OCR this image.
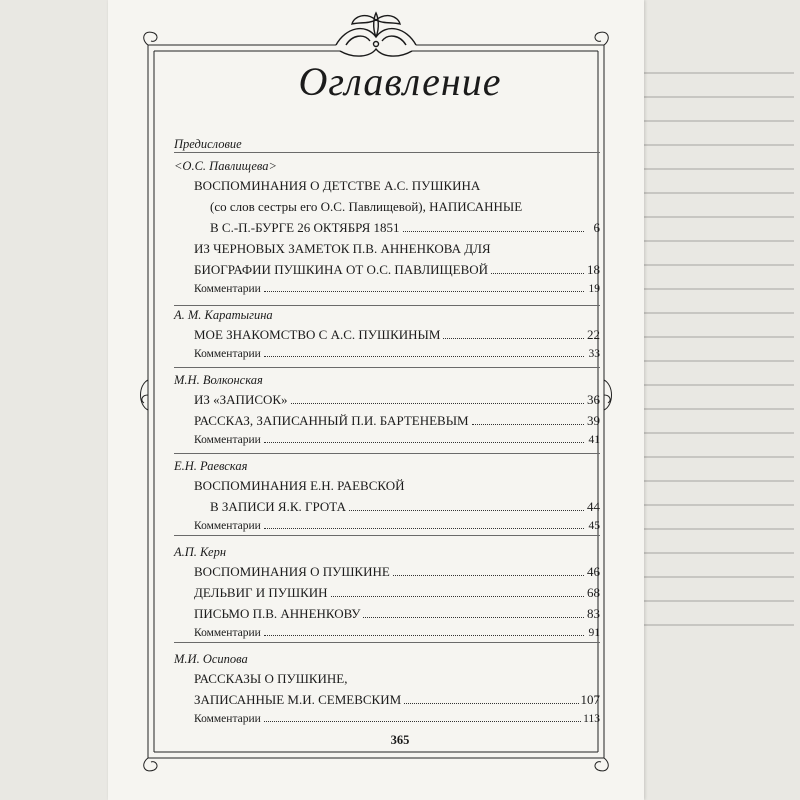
Оглавление
Предисловие
<О.С. Павлищева>
ВОСПОМИНАНИЯ О ДЕТСТВЕ А.С. ПУШКИНА
(со слов сестры его О.С. Павлищевой), НАПИСАННЫЕ
В С.-П.-БУРГЕ 26 ОКТЯБРЯ 1851	6
ИЗ ЧЕРНОВЫХ ЗАМЕТОК П.В. АННЕНКОВА ДЛЯ
БИОГРАФИИ ПУШКИНА ОТ О.С. ПАВЛИЩЕВОЙ	18
Комментарии	19
А. М. Каратыгина
МОЕ ЗНАКОМСТВО С А.С. ПУШКИНЫМ	22
Комментарии	33
М.Н. Волконская
ИЗ «ЗАПИСОК»	36
РАССКАЗ, ЗАПИСАННЫЙ П.И. БАРТЕНЕВЫМ	39
Комментарии	41
Е.Н. Раевская
ВОСПОМИНАНИЯ Е.Н. РАЕВСКОЙ
В ЗАПИСИ Я.К. ГРОТА	44
Комментарии	45
А.П. Керн
ВОСПОМИНАНИЯ О ПУШКИНЕ	46
ДЕЛЬВИГ И ПУШКИН	68
ПИСЬМО П.В. АННЕНКОВУ	83
Комментарии	91
М.И. Осипова
РАССКАЗЫ О ПУШКИНЕ,
ЗАПИСАННЫЕ М.И. СЕМЕВСКИМ	107
Комментарии	113
365
